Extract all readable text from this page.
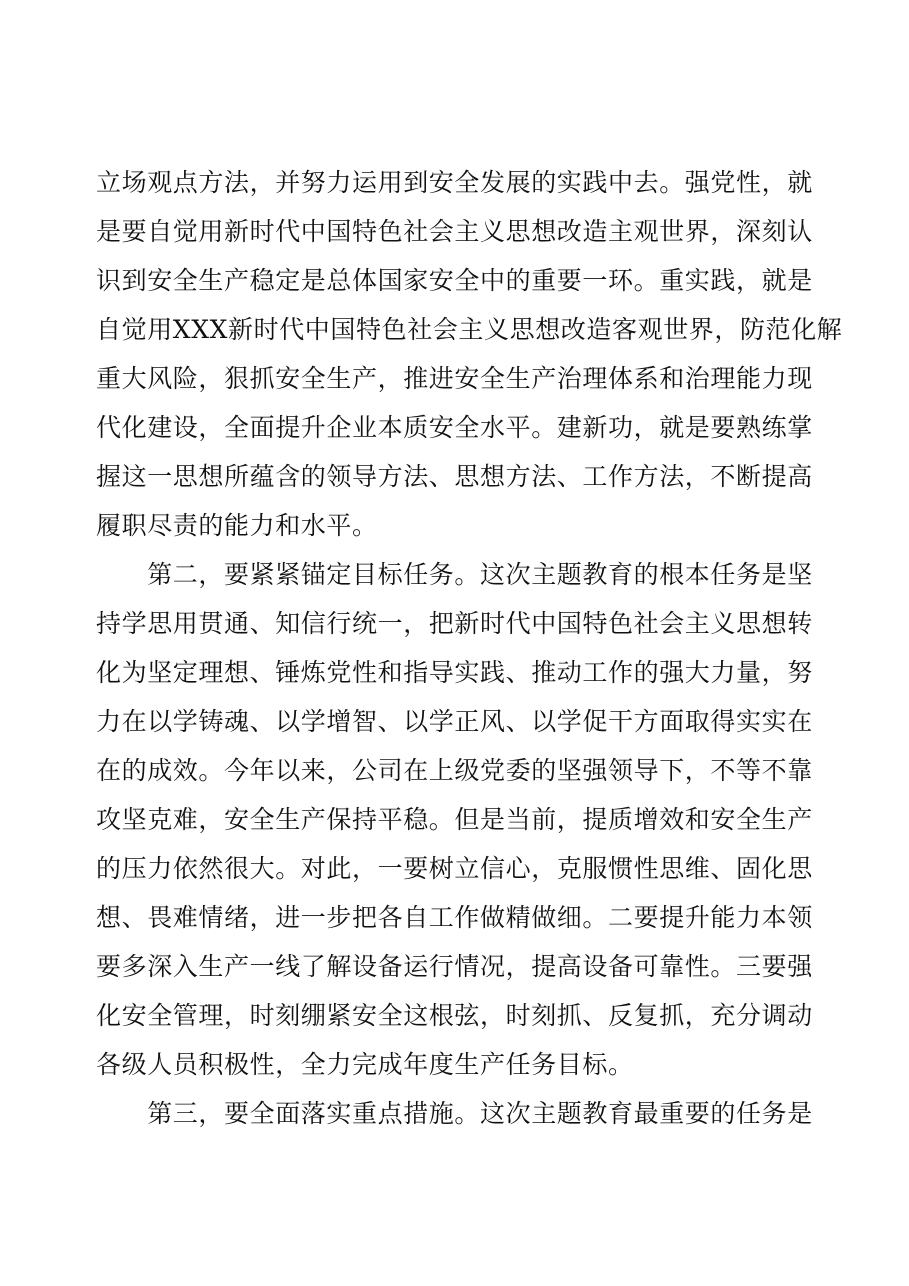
立场观点方法，并努力运用到安全发展的实践中去。强党性，就
是要自觉用新时代中国特色社会主义思想改造主观世界，深刻认
识到安全生产稳定是总体国家安全中的重要一环。重实践，就是
自觉用XXX新时代中国特色社会主义思想改造客观世界，防范化解
重大风险，狠抓安全生产，推进安全生产治理体系和治理能力现
代化建设，全面提升企业本质安全水平。建新功，就是要熟练掌
握这一思想所蕴含的领导方法、思想方法、工作方法，不断提高
履职尽责的能力和水平。
　　第二，要紧紧锚定目标任务。这次主题教育的根本任务是坚
持学思用贯通、知信行统一，把新时代中国特色社会主义思想转
化为坚定理想、锤炼党性和指导实践、推动工作的强大力量，努
力在以学铸魂、以学增智、以学正风、以学促干方面取得实实在
在的成效。今年以来，公司在上级党委的坚强领导下，不等不靠
攻坚克难，安全生产保持平稳。但是当前，提质增效和安全生产
的压力依然很大。对此，一要树立信心，克服惯性思维、固化思
想、畏难情绪，进一步把各自工作做精做细。二要提升能力本领
要多深入生产一线了解设备运行情况，提高设备可靠性。三要强
化安全管理，时刻绷紧安全这根弦，时刻抓、反复抓，充分调动
各级人员积极性，全力完成年度生产任务目标。
　　第三，要全面落实重点措施。这次主题教育最重要的任务是
